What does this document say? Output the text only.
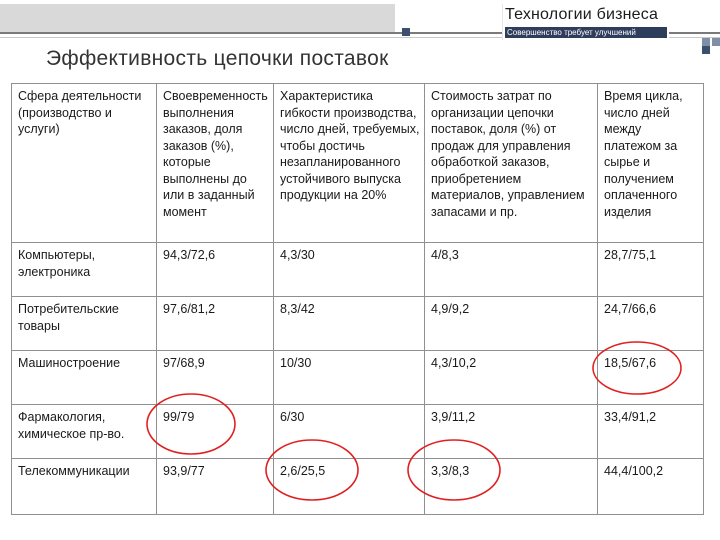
Технологии бизнеса
Совершенство требует улучшений
Эффективность цепочки поставок
Сфера деятельности (производство и услуги)	Своевременность выполнения заказов, доля заказов (%), которые выполнены до или в заданный момент	Характеристика гибкости производства, число дней, требуемых, чтобы достичь незапланированного устойчивого выпуска продукции на 20%	Стоимость затрат по организации цепочки поставок, доля (%) от продаж для управления обработкой заказов, приобретением материалов, управлением запасами и пр.	Время цикла, число дней между платежом за сырье и получением оплаченного изделия
Компьютеры, электроника	94,3/72,6	4,3/30	4/8,3	28,7/75,1
Потребительские товары	97,6/81,2	8,3/42	4,9/9,2	24,7/66,6
Машиностроение	97/68,9	10/30	4,3/10,2	18,5/67,6
Фармакология, химическое пр-во.	99/79	6/30	3,9/11,2	33,4/91,2
Телекоммуникации	93,9/77	2,6/25,5	3,3/8,3	44,4/100,2
